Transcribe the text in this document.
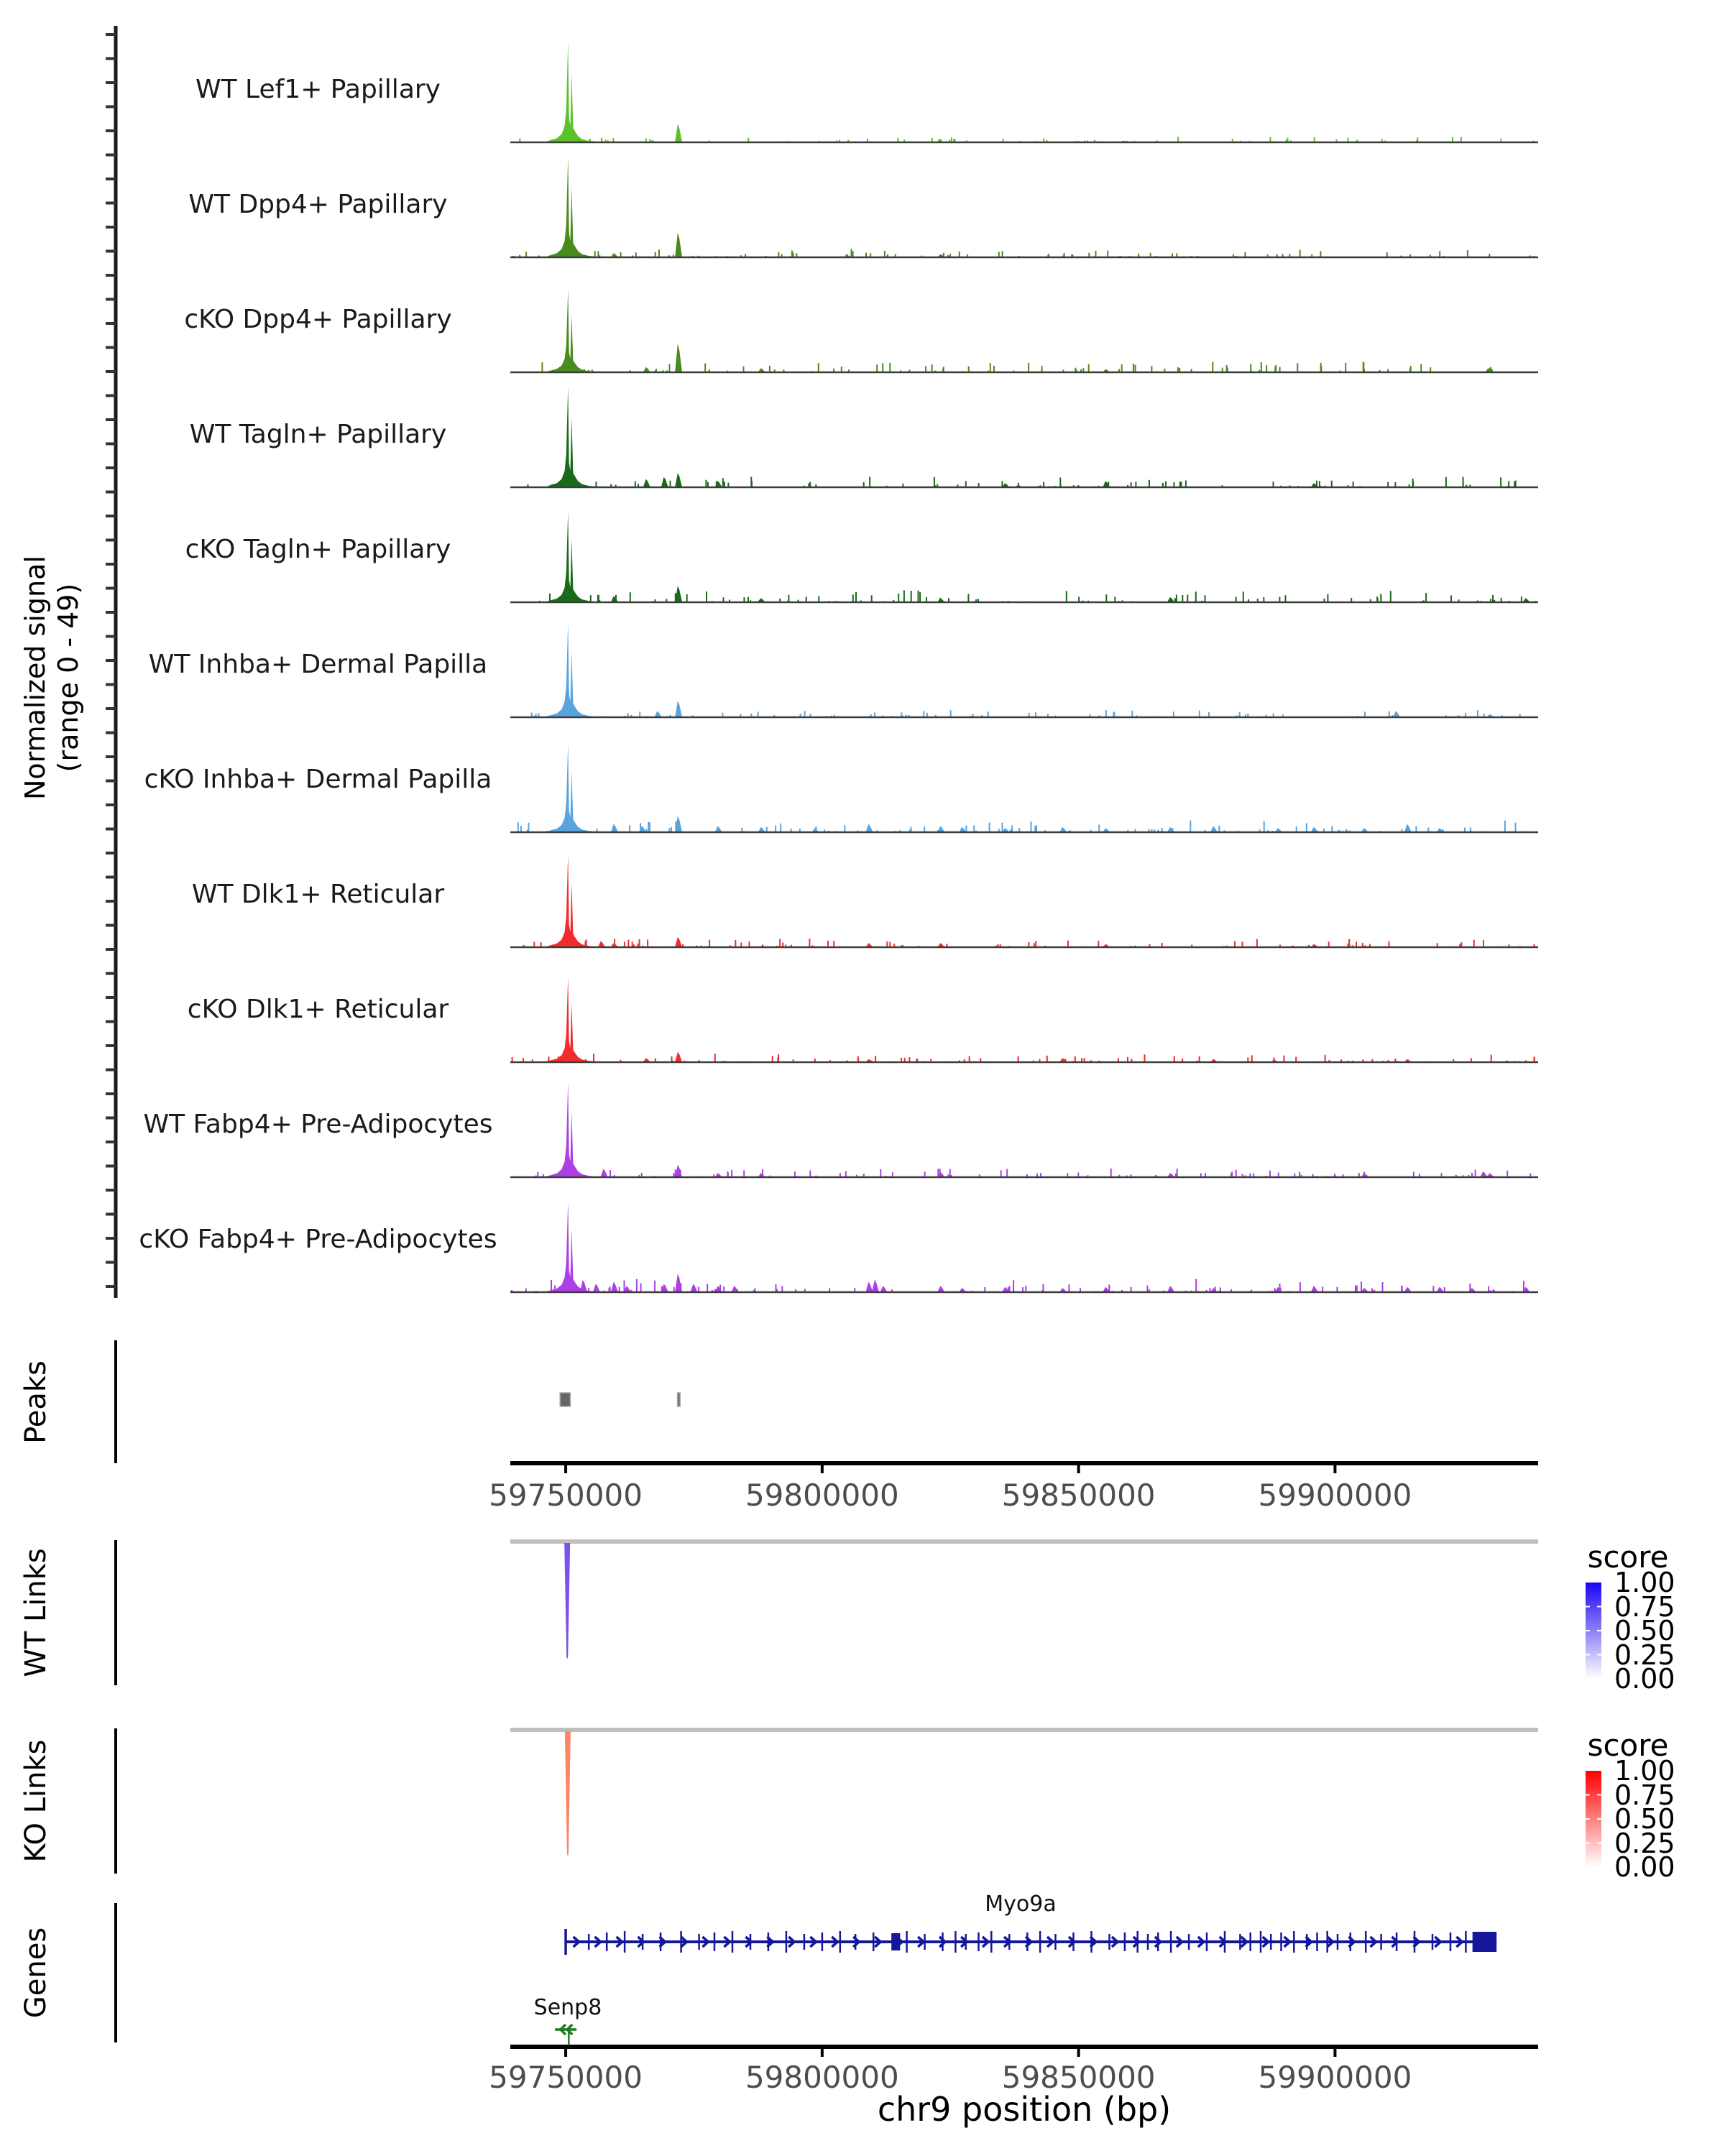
Normalized signal (range 0 - 49)
Peaks
WT Links
KO Links
Genes
WT Lef1+ Papillary
WT Dpp4+ Papillary
cKO Dpp4+ Papillary
WT Tagln+ Papillary
cKO Tagln+ Papillary
WT Inhba+ Dermal Papilla
cKO Inhba+ Dermal Papilla
WT Dlk1+ Reticular
cKO Dlk1+ Reticular
WT Fabp4+ Pre-Adipocytes
cKO Fabp4+ Pre-Adipocytes
59750000	59800000	59850000	59900000
59750000	59800000	59850000	59900000
chr9 position (bp)
score
score
1.00
0.75
0.50
0.25
0.00
1.00
0.75
0.50
0.25
0.00
Myo9a
Senp8
